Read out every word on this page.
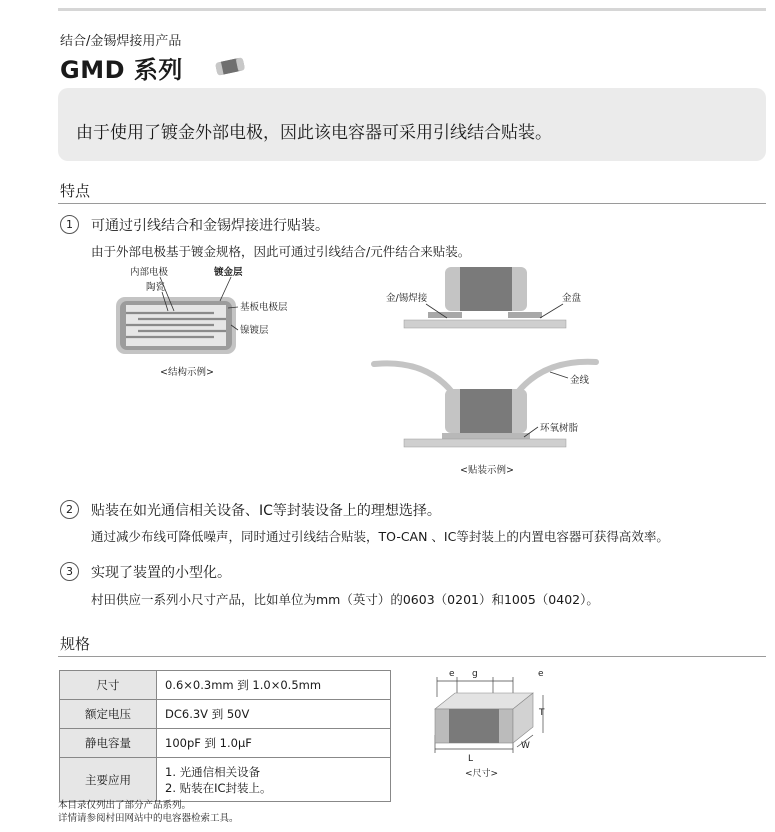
结合/金锡焊接用产品
GMD 系列
由于使用了镀金外部电极，因此该电容器可采用引线结合贴装。
特点
1	可通过引线结合和金锡焊接进行贴装。
由于外部电极基于镀金规格，因此可通过引线结合/元件结合来贴装。
内部电极
陶瓷
镀金层
基板电极层
镍镀层
<结构示例>
金/锡焊接	金盘
金线
环氧树脂
<贴装示例>
2	贴装在如光通信相关设备、IC等封装设备上的理想选择。
通过减少布线可降低噪声，同时通过引线结合贴装，TO-CAN 、IC等封装上的内置电容器可获得高效率。
3	实现了装置的小型化。
村田供应一系列小尺寸产品，比如单位为mm（英寸）的0603（0201）和1005（0402）。
规格
尺寸	0.6×0.3mm 到 1.0×0.5mm
额定电压	DC6.3V 到 50V
静电容量	100pF 到 1.0μF
主要应用	1. 光通信相关设备
2. 贴装在IC封装上。
e g	e
T
L
W
<尺寸>
本目录仅列出了部分产品系列。
详情请参阅村田网站中的电容器检索工具。
